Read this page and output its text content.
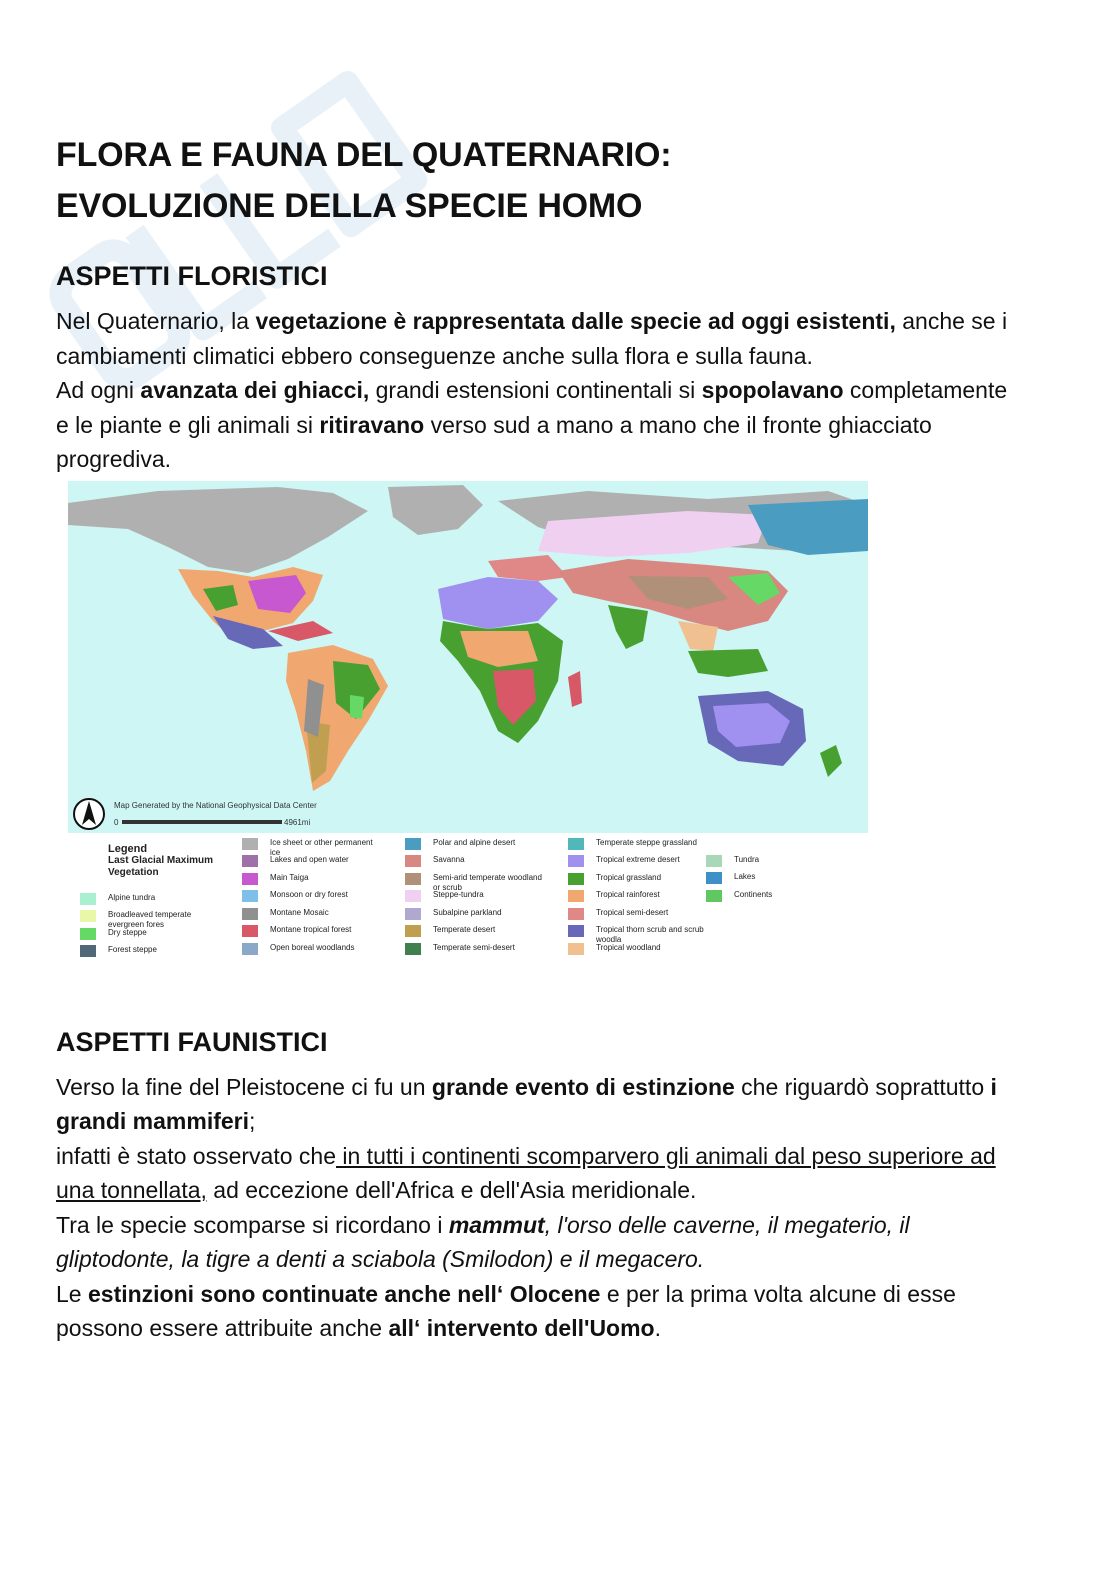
FLORA E FAUNA DEL QUATERNARIO:
EVOLUZIONE DELLA SPECIE HOMO
ASPETTI FLORISTICI

Nel Quaternario, la vegetazione è rappresentata dalle specie ad oggi esistenti, anche se i cambiamenti climatici ebbero conseguenze anche sulla flora e sulla fauna.

Ad ogni avanzata dei ghiacci, grandi estensioni continentali si spopolavano completamente e le piante e gli animali si ritiravano verso sud a mano a mano che il fronte ghiacciato progrediva.

Map Generated by the National Geophysical Data Center
0	4961mi
Legend
Last Glacial Maximum
Vegetation
Alpine tundra
Broadleaved temperate
evergreen fores
Dry steppe
Forest steppe
Ice sheet or other permanent
ice
Lakes and open water
Main Taiga
Monsoon or dry forest
Montane Mosaic
Montane tropical forest
Open boreal woodlands
Polar and alpine desert
Savanna
Semi-arid temperate woodland
or scrub
Steppe-tundra
Subalpine parkland
Temperate desert
Temperate semi-desert
Temperate steppe grassland
Tropical extreme desert
Tropical grassland
Tropical rainforest
Tropical semi-desert
Tropical thorn scrub and scrub
woodla
Tropical woodland
Tundra
Lakes
Continents
ASPETTI FAUNISTICI

Verso la fine del Pleistocene ci fu un grande evento di estinzione che riguardò soprattutto i grandi mammiferi;

infatti è stato osservato che in tutti i continenti scomparvero gli animali dal peso superiore ad una tonnellata, ad eccezione dell'Africa e dell'Asia meridionale.

Tra le specie scomparse si ricordano i mammut, l'orso delle caverne, il megaterio, il gliptodonte, la tigre a denti a sciabola (Smilodon) e il megacero.

Le estinzioni sono continuate anche nell‘ Olocene e per la prima volta alcune di esse possono essere attribuite anche all‘ intervento dell'Uomo.
